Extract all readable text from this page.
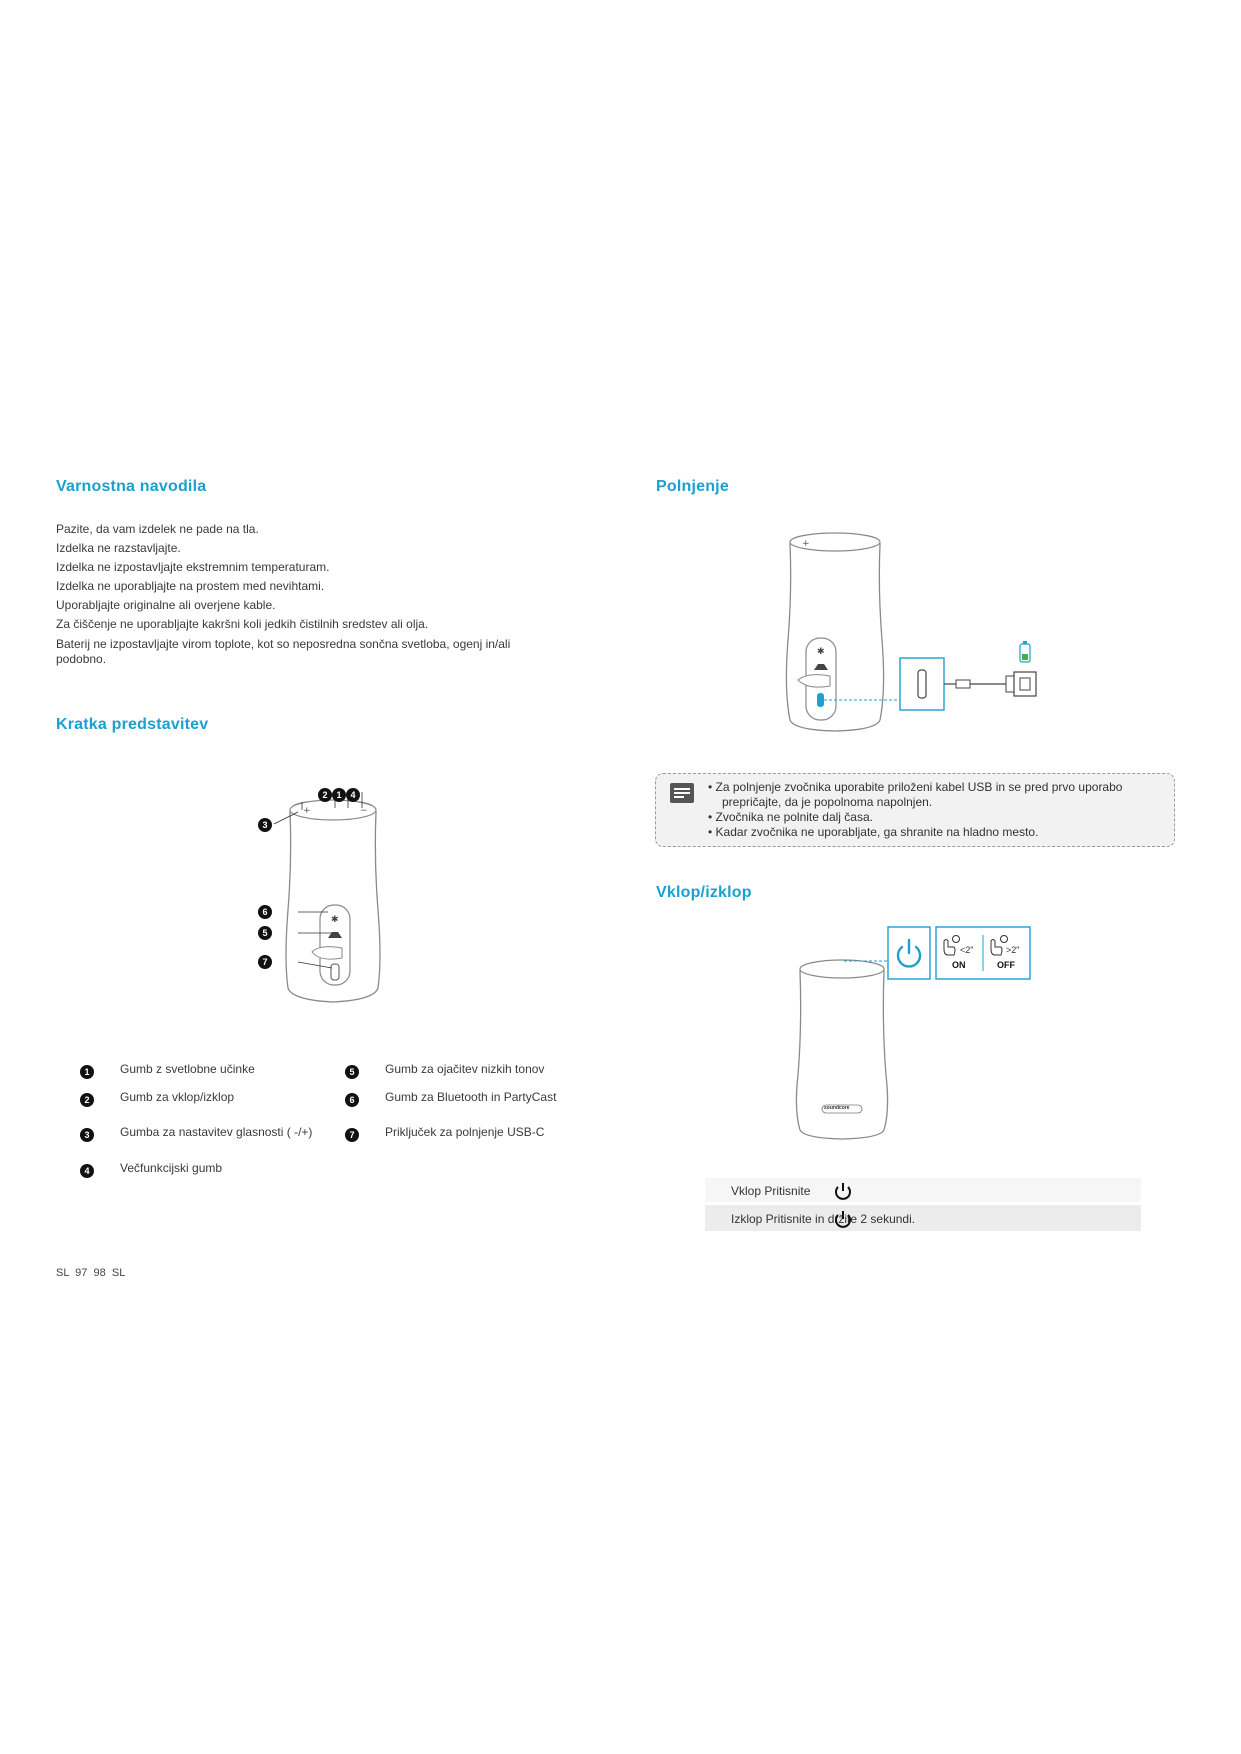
Varnostna navodila

Pazite, da vam izdelek ne pade na tla.

Izdelka ne razstavljajte.

Izdelka ne izpostavljajte ekstremnim temperaturam.

Izdelka ne uporabljajte na prostem med nevihtami.

Uporabljajte originalne ali overjene kable.

Za čiščenje ne uporabljajte kakršni koli jedkih čistilnih sredstev ali olja.

Baterij ne izpostavljajte virom toplote, kot so neposredna sončna svetloba, ogenj in/ali

podobno.

Kratka predstavitev
+	−
✱
2 1 4
3
6
5
7
1	Gumb z svetlobne učinke	5	Gumb za ojačitev nizkih tonov
2	Gumb za vklop/izklop	6	Gumb za Bluetooth in PartyCast
3	Gumba za nastavitev glasnosti ( -/+)	7	Priključek za polnjenje USB-C
4	Večfunkcijski gumb
SL  97  98  SL
Polnjenje
+
✱

• Za polnjenje zvočnika uporabite priloženi kabel USB in se pred prvo uporabo

prepričajte, da je popolnoma napolnjen.

• Zvočnika ne polnite dalj časa.

• Kadar zvočnika ne uporabljate, ga shranite na hladno mesto.

Vklop/izklop
<2"	>2"
ON	OFF
soundcore
Vklop Pritisnite
Izklop Pritisnite in držite 2 sekundi.
